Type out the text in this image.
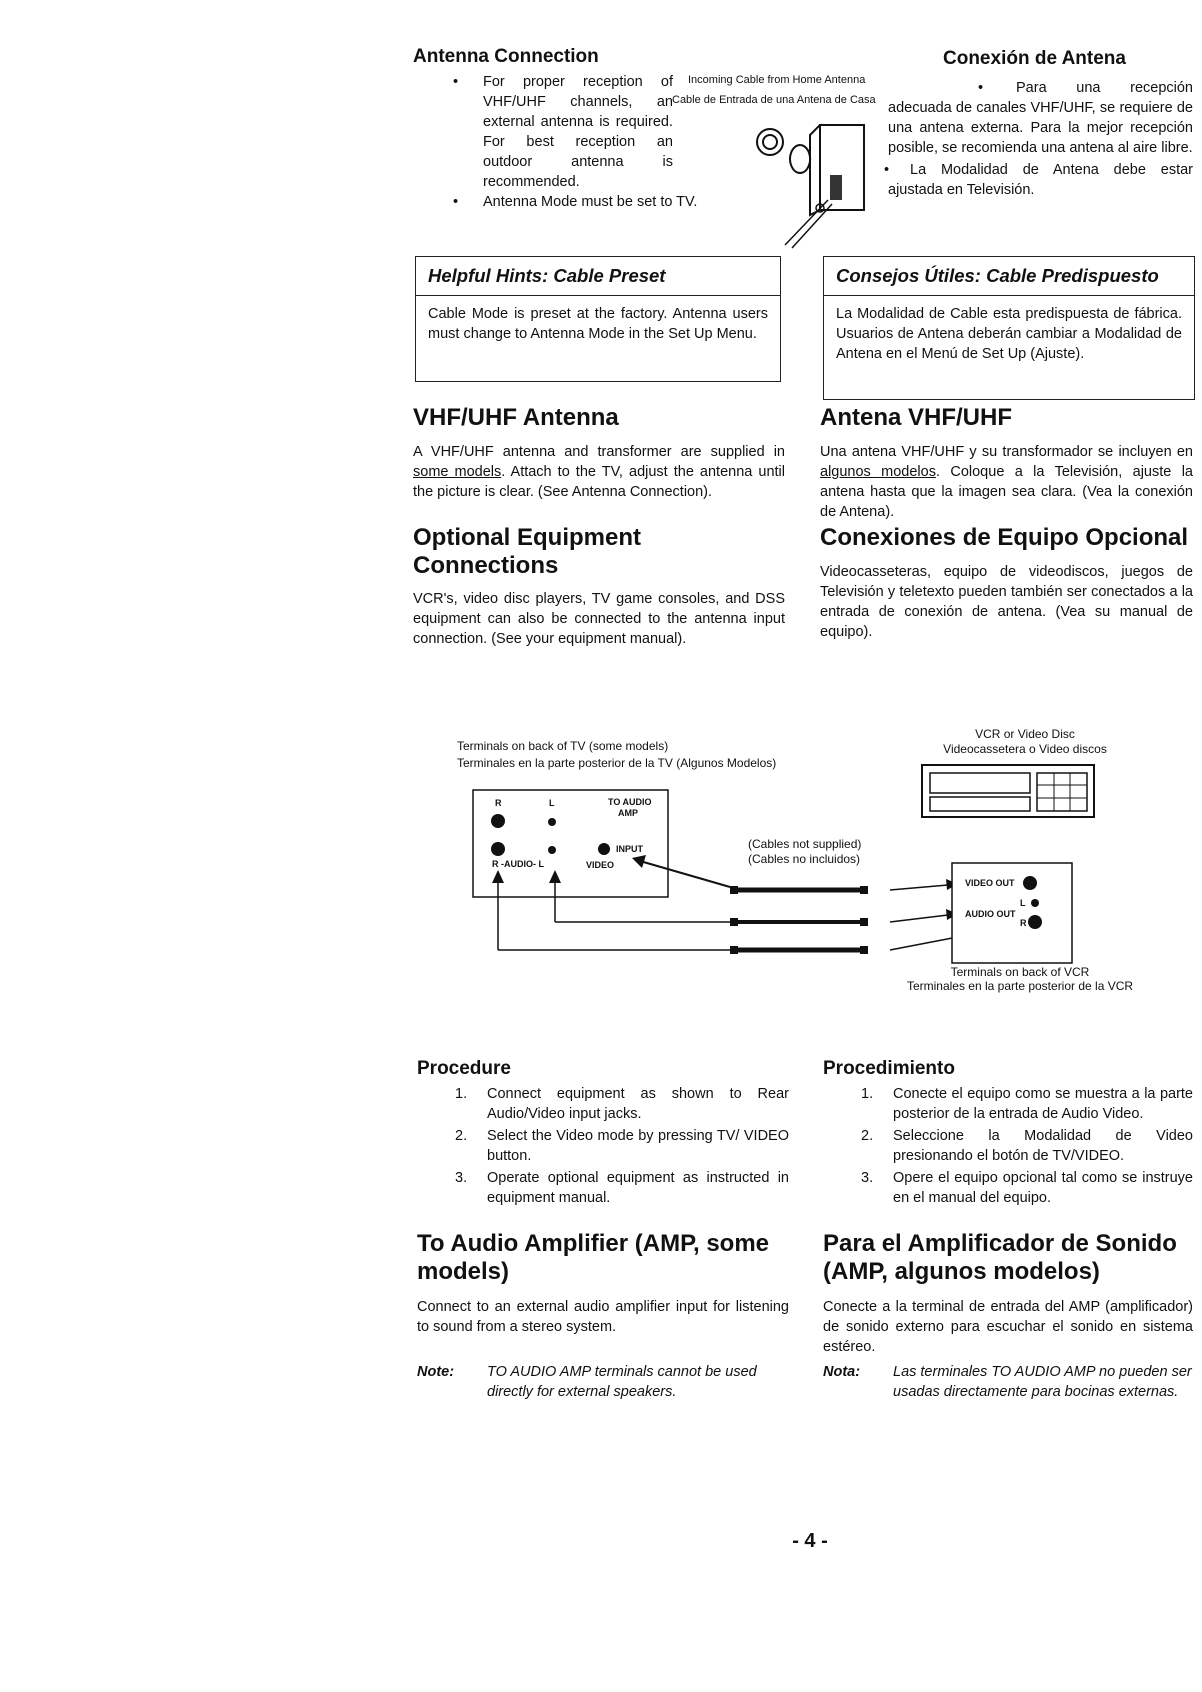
Antenna Connection
• For proper reception of VHF/UHF channels, an external antenna is required. For best reception an outdoor antenna is recommended.
• Antenna Mode must be set to TV.
Incoming Cable from Home Antenna
Cable de Entrada de una Antena de Casa
Conexión de Antena
•	Para una recepción adecuada de canales VHF/UHF, se requiere de una antena externa. Para la mejor recepción posible, se recomienda una antena al aire libre.

•	La Modalidad de Antena debe estar ajustada en Televisión.

Helpful Hints: Cable Preset
Cable Mode is preset at the factory. Antenna users must change to Antenna Mode in the Set Up Menu.
Consejos Útiles: Cable Predispuesto
La Modalidad de Cable esta predispuesta de fábrica. Usuarios de Antena deberán cambiar a Modalidad de Antena en el Menú de Set Up (Ajuste).
VHF/UHF Antenna

A VHF/UHF antenna and transformer are supplied in some models. Attach to the TV, adjust the antenna until the picture is clear. (See Antenna Connection).

Antena VHF/UHF

Una antena VHF/UHF y su transformador se incluyen en algunos modelos. Coloque a la Televisión, ajuste la antena hasta que la imagen sea clara. (Vea la conexión de Antena).

Optional Equipment Connections

VCR's, video disc players, TV game consoles, and DSS equipment can also be connected to the antenna input connection. (See your equipment manual).

Conexiones de Equipo Opcional

Videocasseteras, equipo de videodiscos, juegos de Televisión y teletexto pueden también ser conectados a la entrada de conexión de antena. (Vea su manual de equipo).

Terminals on back of TV (some models)
Terminales en la parte posterior de la TV (Algunos Modelos)
VCR or Video Disc
Videocassetera o Video discos
R	L	TO AUDIO
AMP
INPUT
R -AUDIO- L	VIDEO
(Cables not supplied)
(Cables no incluidos)
VIDEO OUT
L
AUDIO OUT
R
Terminals on back of VCR
Terminales en la parte posterior de la VCR
Procedure
1. Connect equipment as shown to Rear Audio/Video input jacks.
2. Select the Video mode by pressing TV/ VIDEO button.
3. Operate optional equipment as instructed in equipment manual.
Procedimiento
1. Conecte el equipo como se muestra a la parte posterior de la entrada de Audio Video.
2. Seleccione la Modalidad de Video presionando el botón de TV/VIDEO.
3. Opere el equipo opcional tal como se instruye en el manual del equipo.
To Audio Amplifier (AMP, some models)

Connect to an external audio amplifier input for listening to sound from a stereo system.

Note: TO AUDIO AMP terminals cannot be used directly for external speakers.
Para el Amplificador de Sonido (AMP, algunos modelos)

Conecte a la terminal de entrada del AMP (amplificador) de sonido externo para escuchar el sonido en sistema estéreo.

Nota: Las terminales TO AUDIO AMP no pueden ser usadas directamente para bocinas externas.
- 4 -
